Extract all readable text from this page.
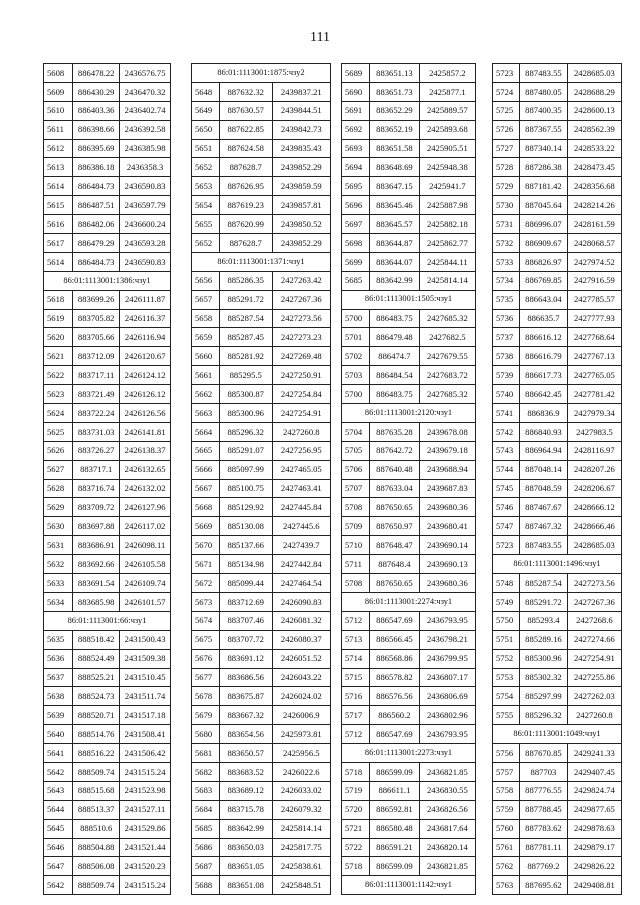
111
5608	886478.22	2436576.75
5609	886430.29	2436470.32
5610	886403.36	2436402.74
5611	886398.66	2436392.58
5612	886395.69	2436385.98
5613	886386.18	2436358.3
5614	886484.73	2436590.83
5615	886487.51	2436597.79
5616	886482.06	2436600.24
5617	886479.29	2436593.28
5614	886484.73	2436590.83
86:01:1113001:1386:чзу1		
5618	883699.26	2426111.87
5619	883705.82	2426116.37
5620	883705.66	2426116.94
5621	883712.09	2426120.67
5622	883717.11	2426124.12
5623	883721.49	2426126.12
5624	883722.24	2426126.56
5625	883731.03	2426141.81
5626	883726.27	2426138.37
5627	883717.1	2426132.65
5628	883716.74	2426132.02
5629	883709.72	2426127.96
5630	883697.88	2426117.02
5631	883686.91	2426098.11
5632	883692.66	2426105.58
5633	883691.54	2426109.74
5634	883685.98	2426101.57
86:01:1113001:66:чзу1		
5635	888518.42	2431500.43
5636	888524.49	2431509.38
5637	888525.21	2431510.45
5638	888524.73	2431511.74
5639	888520.71	2431517.18
5640	888514.76	2431508.41
5641	888516.22	2431506.42
5642	888509.74	2431515.24
5643	888515.68	2431523.98
5644	888513.37	2431527.11
5645	888510.6	2431529.86
5646	888504.88	2431521.44
5647	888506.08	2431520.23
5642	888509.74	2431515.24
86:01:1113001:1875:чзу2		
5648	887632.32	2439837.21
5649	887630.57	2439844.51
5650	887622.85	2439842.73
5651	887624.58	2439835.43
5652	887628.7	2439852.29
5653	887626.95	2439859.59
5654	887619.23	2439857.81
5655	887620.99	2439850.52
5652	887628.7	2439852.29
86:01:1113001:1371:чзу1		
5656	885286.35	2427263.42
5657	885291.72	2427267.36
5658	885287.54	2427273.56
5659	885287.45	2427273.23
5660	885281.92	2427269.48
5661	885295.5	2427250.91
5662	885300.87	2427254.84
5663	885300.96	2427254.91
5664	885296.32	2427260.8
5665	885291.07	2427256.95
5666	885097.99	2427465.05
5667	885100.75	2427463.41
5668	885129.92	2427445.84
5669	885130.08	2427445.6
5670	885137.66	2427439.7
5671	885134.98	2427442.84
5672	885099.44	2427464.54
5673	883712.69	2426090.83
5674	883707.46	2426081.32
5675	883707.72	2426080.37
5676	883691.12	2426051.52
5677	883686.56	2426043.22
5678	883675.87	2426024.02
5679	883667.32	2426006.9
5680	883654.56	2425973.81
5681	883650.57	2425956.5
5682	883683.52	2426022.6
5683	883689.12	2426033.02
5684	883715.78	2426079.32
5685	883642.99	2425814.14
5686	883650.03	2425817.75
5687	883651.05	2425838.61
5688	883651.08	2425848.51
5689	883651.13	2425857.2
5690	883651.73	2425877.1
5691	883652.29	2425889.57
5692	883652.19	2425893.68
5693	883651.58	2425905.51
5694	883648.69	2425948.38
5695	883647.15	2425941.7
5696	883645.46	2425887.98
5697	883645.57	2425882.18
5698	883644.87	2425862.77
5699	883644.07	2425844.11
5685	883642.99	2425814.14
86:01:1113001:1505:чзу1		
5700	886483.75	2427685.32
5701	886479.48	2427682.5
5702	886474.7	2427679.55
5703	886484.54	2427683.72
5700	886483.75	2427685.32
86:01:1113001:2120:чзу1		
5704	887635.28	2439678.08
5705	887642.72	2439679.18
5706	887640.48	2439688.94
5707	887633.04	2439687.83
5708	887650.65	2439680.36
5709	887650.97	2439680.41
5710	887648.47	2439690.14
5711	887648.4	2439690.13
5708	887650.65	2439680.36
86:01:1113001:2274:чзу1		
5712	886547.69	2436793.95
5713	886566.45	2436798.21
5714	886568.86	2436799.95
5715	886578.82	2436807.17
5716	886576.56	2436806.69
5717	886560.2	2436802.96
5712	886547.69	2436793.95
86:01:1113001:2273:чзу1		
5718	886599.09	2436821.85
5719	886611.1	2436830.55
5720	886592.81	2436826.56
5721	886580.48	2436817.64
5722	886591.21	2436820.14
5718	886599.09	2436821.85
86:01:1113001:1142:чзу1		
5723	887483.55	2428685.03
5724	887480.05	2428688.29
5725	887400.35	2428600.13
5726	887367.55	2428562.39
5727	887340.14	2428533.22
5728	887286.38	2428473.45
5729	887181.42	2428356.68
5730	887045.64	2428214.26
5731	886996.07	2428161.59
5732	886909.67	2428068.57
5733	886826.97	2427974.52
5734	886769.85	2427916.59
5735	886643.04	2427785.57
5736	886635.7	2427777.93
5737	886616.12	2427768.64
5738	886616.79	2427767.13
5739	886617.73	2427765.05
5740	886642.45	2427781.42
5741	886836.9	2427979.34
5742	886840.93	2427983.5
5743	886964.94	2428116.97
5744	887048.14	2428207.26
5745	887048.59	2428206.67
5746	887467.67	2428666.12
5747	887467.32	2428666.46
5723	887483.55	2428685.03
86:01:1113001:1496:чзу1		
5748	885287.54	2427273.56
5749	885291.72	2427267.36
5750	885293.4	2427268.6
5751	885289.16	2427274.66
5752	885300.96	2427254.91
5753	885302.32	2427255.86
5754	885297.99	2427262.03
5755	885296.32	2427260.8
86:01:1113001:1049:чзу1		
5756	887670.85	2429241.33
5757	887703	2429407.45
5758	887776.55	2429824.74
5759	887788.45	2429877.65
5760	887783.62	2429878.63
5761	887781.11	2429879.17
5762	887769.2	2429826.22
5763	887695.62	2429408.81
